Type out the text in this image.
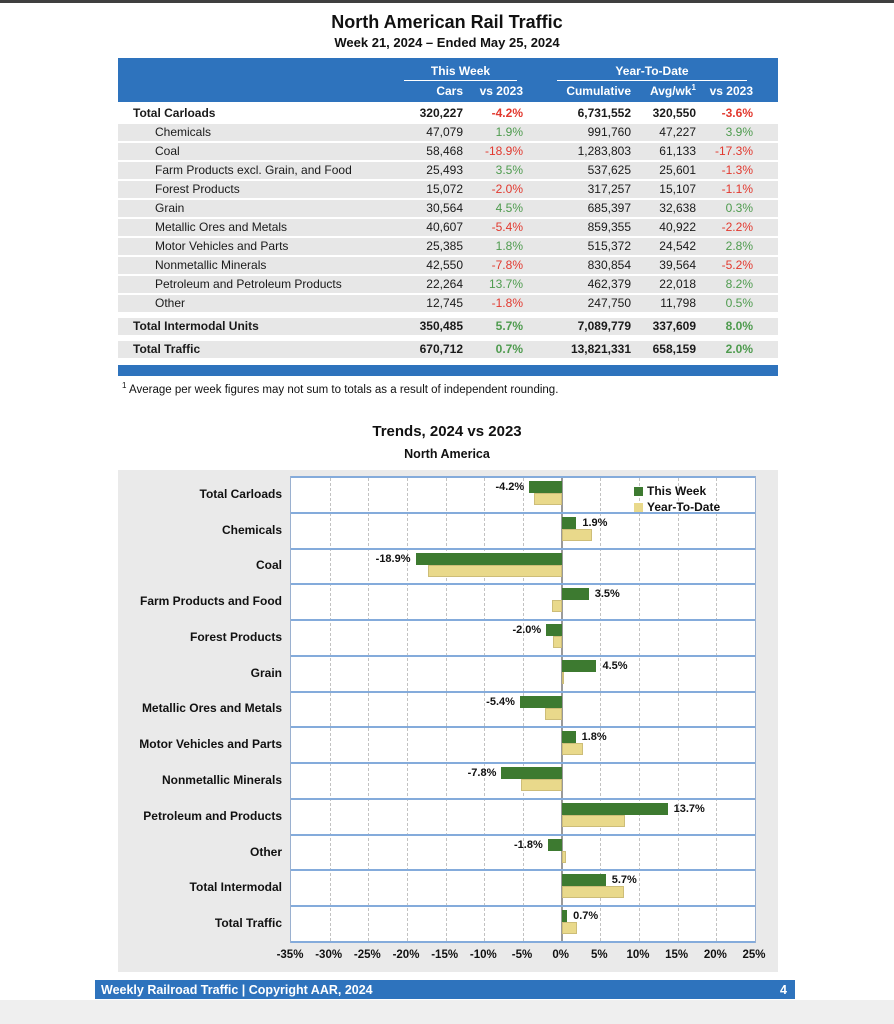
North American Rail Traffic
Week 21, 2024 – Ended May 25, 2024
This Week	Year-To-Date
Cars	vs 2023	Cumulative	Avg/$wk^1$	vs 2023
Total Carloads	320,227	-4.2%	6,731,552	320,550	-3.6%
Chemicals	47,079	1.9%	991,760	47,227	3.9%
Coal	58,468	-18.9%	1,283,803	61,133	-17.3%
Farm Products excl. Grain, and Food	25,493	3.5%	537,625	25,601	-1.3%
Forest Products	15,072	-2.0%	317,257	15,107	-1.1%
Grain	30,564	4.5%	685,397	32,638	0.3%
Metallic Ores and Metals	40,607	-5.4%	859,355	40,922	-2.2%
Motor Vehicles and Parts	25,385	1.8%	515,372	24,542	2.8%
Nonmetallic Minerals	42,550	-7.8%	830,854	39,564	-5.2%
Petroleum and Petroleum Products	22,264	13.7%	462,379	22,018	8.2%
Other	12,745	-1.8%	247,750	11,798	0.5%
Total Intermodal Units	350,485	5.7%	7,089,779	337,609	8.0%
Total Traffic	670,712	0.7%	13,821,331	658,159	2.0%
$^1$ Average per week figures may not sum to totals as a result of independent rounding.
Trends, 2024 vs 2023
North America
-4.2%
1.9%
-18.9%
3.5%
-2.0%
4.5%
-5.4%
1.8%
-7.8%
13.7%
-1.8%
5.7%
0.7%
Total Carloads
Chemicals
Coal
Farm Products and Food
Forest Products
Grain
Metallic Ores and Metals
Motor Vehicles and Parts
Nonmetallic Minerals
Petroleum and Products
Other
Total Intermodal
Total Traffic
-35% -30% -25% -20% -15% -10% -5% 0% 5% 10% 15% 20% 25%
This Week
Year-To-Date
Weekly Railroad Traffic | Copyright AAR, 2024	4
